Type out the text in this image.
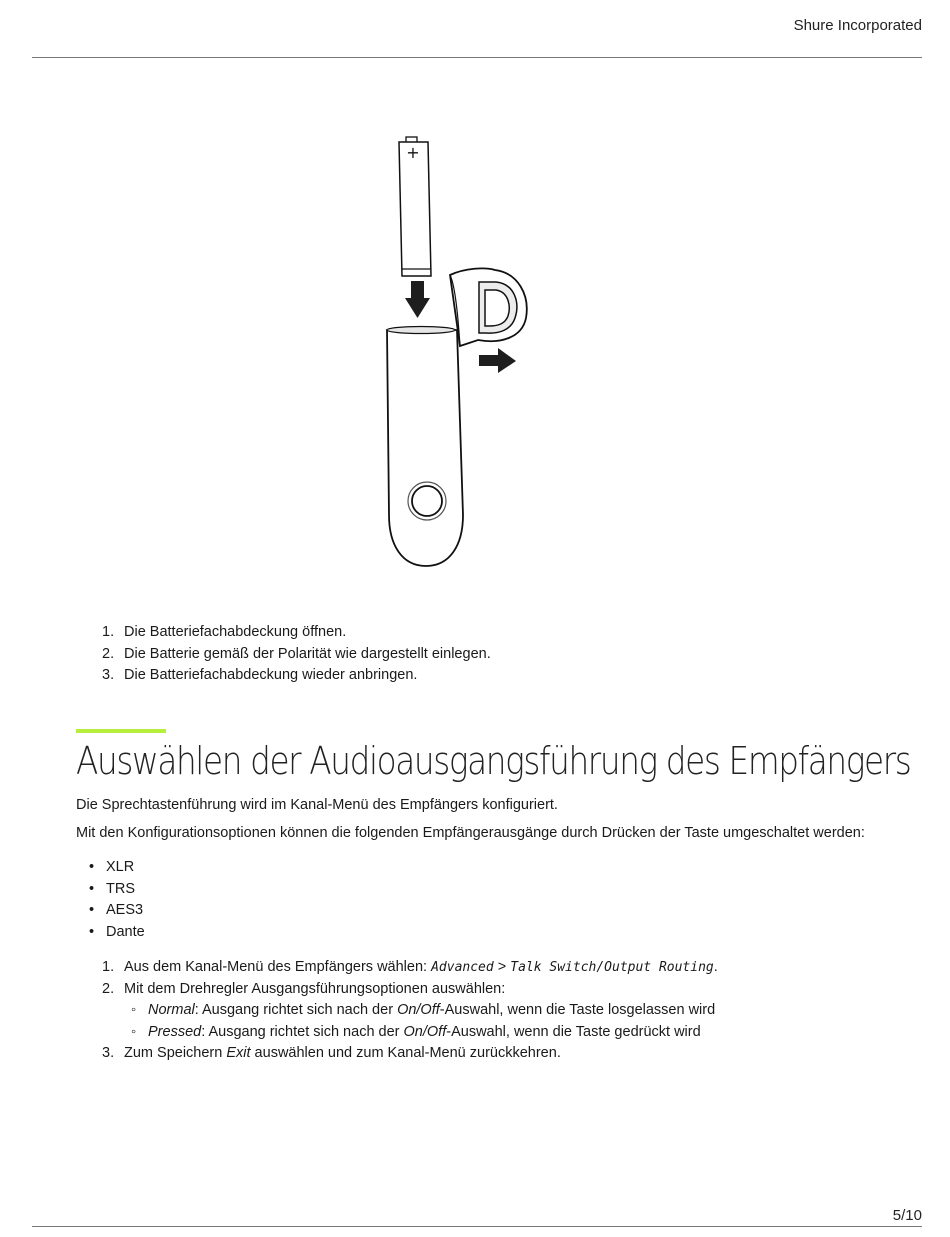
Shure Incorporated
+
1. Die Batteriefachabdeckung öffnen.
2. Die Batterie gemäß der Polarität wie dargestellt einlegen.
3. Die Batteriefachabdeckung wieder anbringen.
Auswählen der Audioausgangsführung des Empfängers

Die Sprechtastenführung wird im Kanal-Menü des Empfängers konfiguriert.

Mit den Konfigurationsoptionen können die folgenden Empfängerausgänge durch Drücken der Taste umgeschaltet werden:

• XLR
• TRS
• AES3
• Dante
1. Aus dem Kanal-Menü des Empfängers wählen: Advanced > Talk Switch/Output Routing.
2. Mit dem Drehregler Ausgangsführungsoptionen auswählen:
◦ Normal: Ausgang richtet sich nach der On/Off-Auswahl, wenn die Taste losgelassen wird
◦ Pressed: Ausgang richtet sich nach der On/Off-Auswahl, wenn die Taste gedrückt wird
3. Zum Speichern Exit auswählen und zum Kanal-Menü zurückkehren.
5/10
